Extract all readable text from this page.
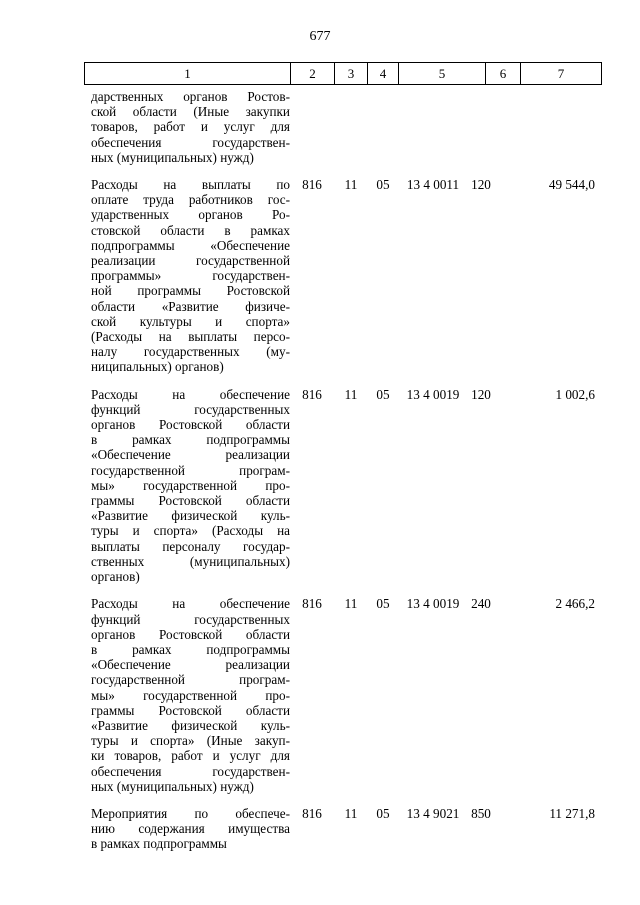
677
1	2	3	4	5	6	7
дарственных органов Ростов-
ской области (Иные закупки
товаров, работ и услуг для
обеспечения государствен-
ных (муниципальных) нужд)
Расходы на выплаты по
оплате труда работников гос-
ударственных органов Ро-
стовской области в рамках
подпрограммы «Обеспечение
реализации государственной
программы» государствен-
ной программы Ростовской
области «Развитие физиче-
ской культуры и спорта»
(Расходы на выплаты персо-
налу государственных (му-
ниципальных) органов)
816	11	05	13 4 0011 120	49 544,0
Расходы на обеспечение
функций государственных
органов Ростовской области
в рамках подпрограммы
«Обеспечение реализации
государственной програм-
мы» государственной про-
граммы Ростовской области
«Развитие физической куль-
туры и спорта» (Расходы на
выплаты персоналу государ-
ственных (муниципальных)
органов)
816	11	05	13 4 0019 120	1 002,6
Расходы на обеспечение
функций государственных
органов Ростовской области
в рамках подпрограммы
«Обеспечение реализации
государственной програм-
мы» государственной про-
граммы Ростовской области
«Развитие физической куль-
туры и спорта» (Иные закуп-
ки товаров, работ и услуг для
обеспечения государствен-
ных (муниципальных) нужд)
816	11	05	13 4 0019 240	2 466,2
Мероприятия по обеспече-
нию содержания имущества
в рамках подпрограммы
816	11	05	13 4 9021 850	11 271,8
